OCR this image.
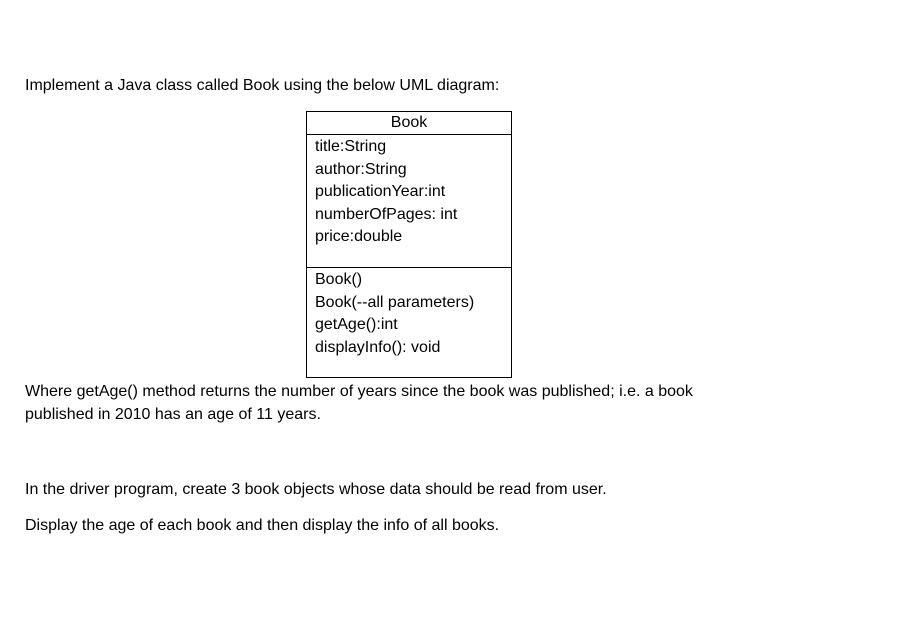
Implement a Java class called Book using the below UML diagram:

Book
title:String
author:String
publicationYear:int
numberOfPages: int
price:double
Book()
Book(--all parameters)
getAge():int
displayInfo(): void
Where getAge() method returns the number of years since the book was published; i.e. a book
published in 2010 has an age of 11 years.

In the driver program, create 3 book objects whose data should be read from user.

Display the age of each book and then display the info of all books.
